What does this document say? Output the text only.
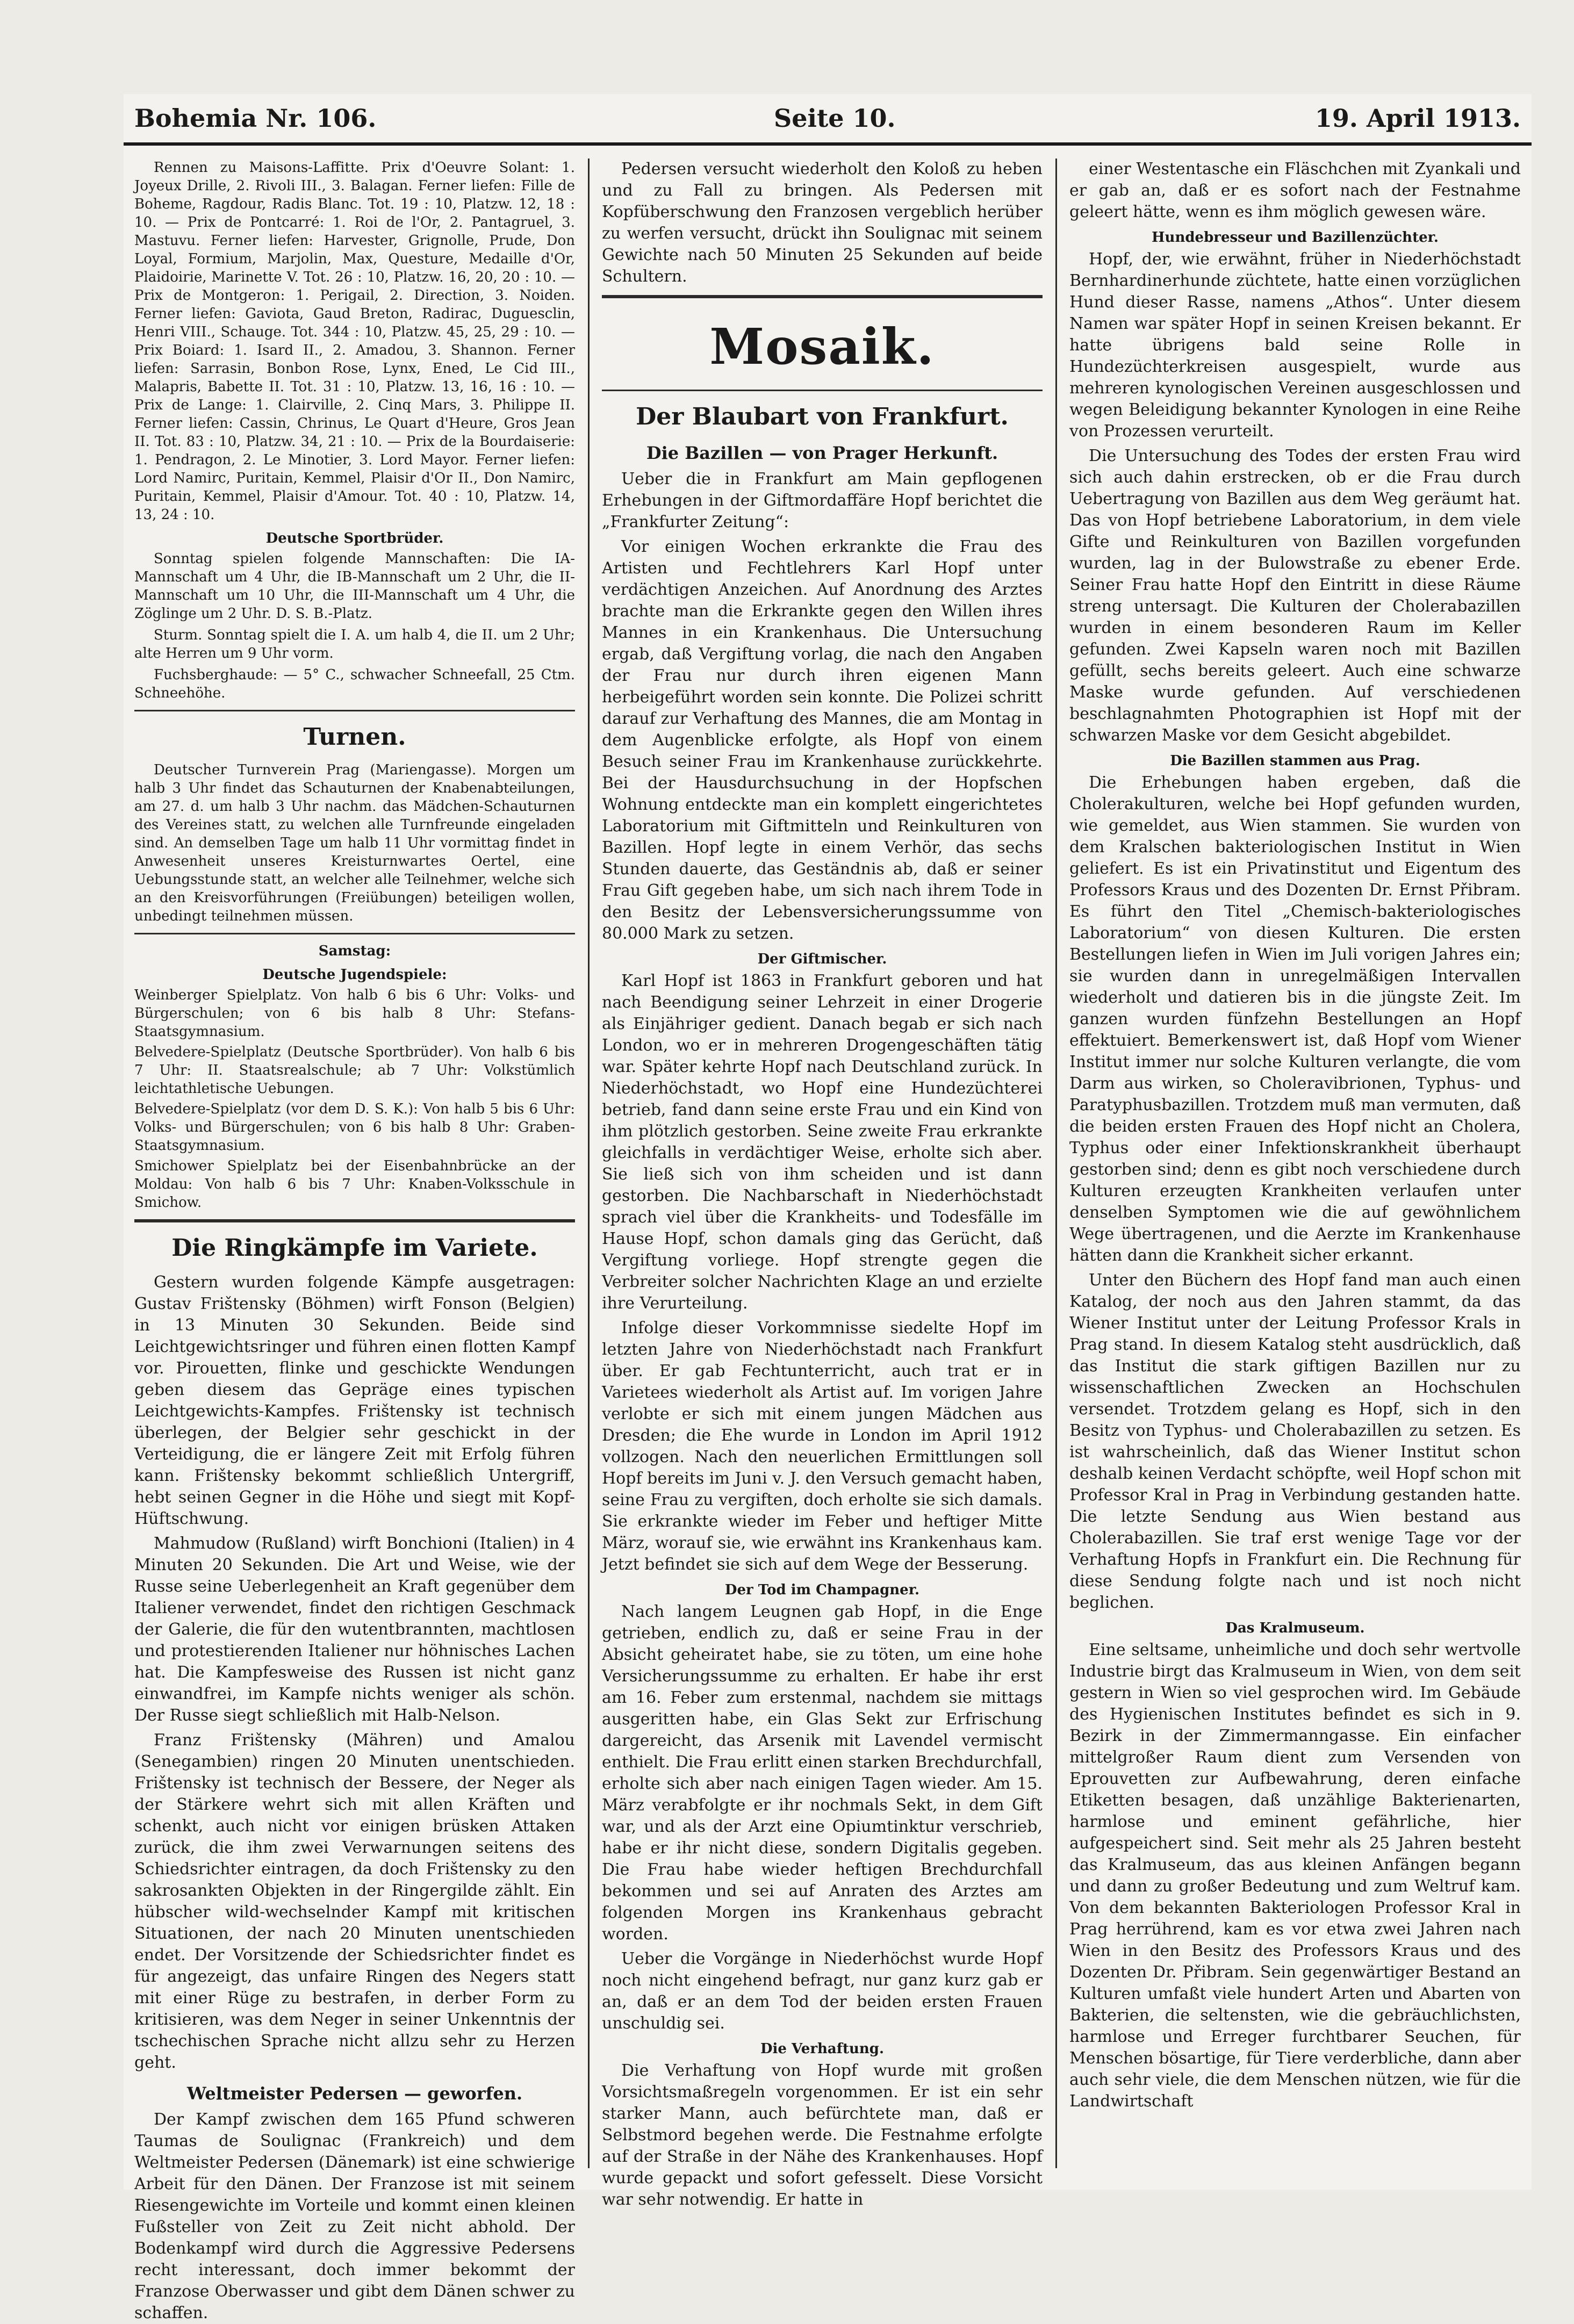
Bohemia Nr. 106.	Seite 10.	19. April 1913.

Rennen zu Maisons-Laffitte. Prix d'Oeuvre Solant: 1. Joyeux Drille, 2. Rivoli III., 3. Balagan. Ferner liefen: Fille de Boheme, Ragdour, Radis Blanc. Tot. 19 : 10, Platzw. 12, 18 : 10. — Prix de Pontcarré: 1. Roi de l'Or, 2. Pantagruel, 3. Mastuvu. Ferner liefen: Harvester, Grignolle, Prude, Don Loyal, Formium, Marjolin, Max, Questure, Medaille d'Or, Plaidoirie, Marinette V. Tot. 26 : 10, Platzw. 16, 20, 20 : 10. — Prix de Montgeron: 1. Perigail, 2. Direction, 3. Noiden. Ferner liefen: Gaviota, Gaud Breton, Radirac, Duguesclin, Henri VIII., Schauge. Tot. 344 : 10, Platzw. 45, 25, 29 : 10. — Prix Boiard: 1. Isard II., 2. Amadou, 3. Shannon. Ferner liefen: Sarrasin, Bonbon Rose, Lynx, Ened, Le Cid III., Malapris, Babette II. Tot. 31 : 10, Platzw. 13, 16, 16 : 10. — Prix de Lange: 1. Clairville, 2. Cinq Mars, 3. Philippe II. Ferner liefen: Cassin, Chrinus, Le Quart d'Heure, Gros Jean II. Tot. 83 : 10, Platzw. 34, 21 : 10. — Prix de la Bourdaiserie: 1. Pendragon, 2. Le Minotier, 3. Lord Mayor. Ferner liefen: Lord Namirc, Puritain, Kemmel, Plaisir d'Or II., Don Namirc, Puritain, Kemmel, Plaisir d'Amour. Tot. 40 : 10, Platzw. 14, 13, 24 : 10.

Deutsche Sportbrüder.

Sonntag spielen folgende Mannschaften: Die IA-Mannschaft um 4 Uhr, die IB-Mannschaft um 2 Uhr, die II-Mannschaft um 10 Uhr, die III-Mannschaft um 4 Uhr, die Zöglinge um 2 Uhr. D. S. B.-Platz.

Sturm. Sonntag spielt die I. A. um halb 4, die II. um 2 Uhr; alte Herren um 9 Uhr vorm.

Fuchsberghaude: — 5° C., schwacher Schneefall, 25 Ctm. Schneehöhe.

Turnen.

Deutscher Turnverein Prag (Mariengasse). Morgen um halb 3 Uhr findet das Schauturnen der Knabenabteilungen, am 27. d. um halb 3 Uhr nachm. das Mädchen-Schauturnen des Vereines statt, zu welchen alle Turnfreunde eingeladen sind. An demselben Tage um halb 11 Uhr vormittag findet in Anwesenheit unseres Kreisturnwartes Oertel, eine Uebungsstunde statt, an welcher alle Teilnehmer, welche sich an den Kreisvorführungen (Freiübungen) beteiligen wollen, unbedingt teilnehmen müssen.

Samstag:
Deutsche Jugendspiele:

Weinberger Spielplatz. Von halb 6 bis 6 Uhr: Volks- und Bürgerschulen; von 6 bis halb 8 Uhr: Stefans-Staatsgymnasium.

Belvedere-Spielplatz (Deutsche Sportbrüder). Von halb 6 bis 7 Uhr: II. Staatsrealschule; ab 7 Uhr: Volkstümlich leichtathletische Uebungen.

Belvedere-Spielplatz (vor dem D. S. K.): Von halb 5 bis 6 Uhr: Volks- und Bürgerschulen; von 6 bis halb 8 Uhr: Graben-Staatsgymnasium.

Smichower Spielplatz bei der Eisenbahnbrücke an der Moldau: Von halb 6 bis 7 Uhr: Knaben-Volksschule in Smichow.

Die Ringkämpfe im Variete.

Gestern wurden folgende Kämpfe ausgetragen: Gustav Frištensky (Böhmen) wirft Fonson (Belgien) in 13 Minuten 30 Sekunden. Beide sind Leichtgewichtsringer und führen einen flotten Kampf vor. Pirouetten, flinke und geschickte Wendungen geben diesem das Gepräge eines typischen Leichtgewichts-Kampfes. Frištensky ist technisch überlegen, der Belgier sehr geschickt in der Verteidigung, die er längere Zeit mit Erfolg führen kann. Frištensky bekommt schließlich Untergriff, hebt seinen Gegner in die Höhe und siegt mit Kopf-Hüftschwung.

Mahmudow (Rußland) wirft Bonchioni (Italien) in 4 Minuten 20 Sekunden. Die Art und Weise, wie der Russe seine Ueberlegenheit an Kraft gegenüber dem Italiener verwendet, findet den richtigen Geschmack der Galerie, die für den wutentbrannten, machtlosen und protestierenden Italiener nur höhnisches Lachen hat. Die Kampfesweise des Russen ist nicht ganz einwandfrei, im Kampfe nichts weniger als schön. Der Russe siegt schließlich mit Halb-Nelson.

Franz Frištensky (Mähren) und Amalou (Senegambien) ringen 20 Minuten unentschieden. Frištensky ist technisch der Bessere, der Neger als der Stärkere wehrt sich mit allen Kräften und schenkt, auch nicht vor einigen brüsken Attaken zurück, die ihm zwei Verwarnungen seitens des Schiedsrichter eintragen, da doch Frištensky zu den sakrosankten Objekten in der Ringergilde zählt. Ein hübscher wild-wechselnder Kampf mit kritischen Situationen, der nach 20 Minuten unentschieden endet. Der Vorsitzende der Schiedsrichter findet es für angezeigt, das unfaire Ringen des Negers statt mit einer Rüge zu bestrafen, in derber Form zu kritisieren, was dem Neger in seiner Unkenntnis der tschechischen Sprache nicht allzu sehr zu Herzen geht.

Weltmeister Pedersen — geworfen.

Der Kampf zwischen dem 165 Pfund schweren Taumas de Soulignac (Frankreich) und dem Weltmeister Pedersen (Dänemark) ist eine schwierige Arbeit für den Dänen. Der Franzose ist mit seinem Riesengewichte im Vorteile und kommt einen kleinen Fußsteller von Zeit zu Zeit nicht abhold. Der Bodenkampf wird durch die Aggressive Pedersens recht interessant, doch immer bekommt der Franzose Oberwasser und gibt dem Dänen schwer zu schaffen.

Pedersen versucht wiederholt den Koloß zu heben und zu Fall zu bringen. Als Pedersen mit Kopfüberschwung den Franzosen vergeblich herüber zu werfen versucht, drückt ihn Soulignac mit seinem Gewichte nach 50 Minuten 25 Sekunden auf beide Schultern.

Mosaik.
Der Blaubart von Frankfurt.
Die Bazillen — von Prager Herkunft.

Ueber die in Frankfurt am Main gepflogenen Erhebungen in der Giftmordaffäre Hopf berichtet die „Frankfurter Zeitung“:

Vor einigen Wochen erkrankte die Frau des Artisten und Fechtlehrers Karl Hopf unter verdächtigen Anzeichen. Auf Anordnung des Arztes brachte man die Erkrankte gegen den Willen ihres Mannes in ein Krankenhaus. Die Untersuchung ergab, daß Vergiftung vorlag, die nach den Angaben der Frau nur durch ihren eigenen Mann herbeigeführt worden sein konnte. Die Polizei schritt darauf zur Verhaftung des Mannes, die am Montag in dem Augenblicke erfolgte, als Hopf von einem Besuch seiner Frau im Krankenhause zurückkehrte. Bei der Hausdurchsuchung in der Hopfschen Wohnung entdeckte man ein komplett eingerichtetes Laboratorium mit Giftmitteln und Reinkulturen von Bazillen. Hopf legte in einem Verhör, das sechs Stunden dauerte, das Geständnis ab, daß er seiner Frau Gift gegeben habe, um sich nach ihrem Tode in den Besitz der Lebensversicherungssumme von 80.000 Mark zu setzen.

Der Giftmischer.

Karl Hopf ist 1863 in Frankfurt geboren und hat nach Beendigung seiner Lehrzeit in einer Drogerie als Einjähriger gedient. Danach begab er sich nach London, wo er in mehreren Drogengeschäften tätig war. Später kehrte Hopf nach Deutschland zurück. In Niederhöchstadt, wo Hopf eine Hundezüchterei betrieb, fand dann seine erste Frau und ein Kind von ihm plötzlich gestorben. Seine zweite Frau erkrankte gleichfalls in verdächtiger Weise, erholte sich aber. Sie ließ sich von ihm scheiden und ist dann gestorben. Die Nachbarschaft in Niederhöchstadt sprach viel über die Krankheits- und Todesfälle im Hause Hopf, schon damals ging das Gerücht, daß Vergiftung vorliege. Hopf strengte gegen die Verbreiter solcher Nachrichten Klage an und erzielte ihre Verurteilung.

Infolge dieser Vorkommnisse siedelte Hopf im letzten Jahre von Niederhöchstadt nach Frankfurt über. Er gab Fechtunterricht, auch trat er in Varietees wiederholt als Artist auf. Im vorigen Jahre verlobte er sich mit einem jungen Mädchen aus Dresden; die Ehe wurde in London im April 1912 vollzogen. Nach den neuerlichen Ermittlungen soll Hopf bereits im Juni v. J. den Versuch gemacht haben, seine Frau zu vergiften, doch erholte sie sich damals. Sie erkrankte wieder im Feber und heftiger Mitte März, worauf sie, wie erwähnt ins Krankenhaus kam. Jetzt befindet sie sich auf dem Wege der Besserung.

Der Tod im Champagner.

Nach langem Leugnen gab Hopf, in die Enge getrieben, endlich zu, daß er seine Frau in der Absicht geheiratet habe, sie zu töten, um eine hohe Versicherungssumme zu erhalten. Er habe ihr erst am 16. Feber zum erstenmal, nachdem sie mittags ausgeritten habe, ein Glas Sekt zur Erfrischung dargereicht, das Arsenik mit Lavendel vermischt enthielt. Die Frau erlitt einen starken Brechdurchfall, erholte sich aber nach einigen Tagen wieder. Am 15. März verabfolgte er ihr nochmals Sekt, in dem Gift war, und als der Arzt eine Opiumtinktur verschrieb, habe er ihr nicht diese, sondern Digitalis gegeben. Die Frau habe wieder heftigen Brechdurchfall bekommen und sei auf Anraten des Arztes am folgenden Morgen ins Krankenhaus gebracht worden.

Ueber die Vorgänge in Niederhöchst wurde Hopf noch nicht eingehend befragt, nur ganz kurz gab er an, daß er an dem Tod der beiden ersten Frauen unschuldig sei.

Die Verhaftung.

Die Verhaftung von Hopf wurde mit großen Vorsichtsmaßregeln vorgenommen. Er ist ein sehr starker Mann, auch befürchtete man, daß er Selbstmord begehen werde. Die Festnahme erfolgte auf der Straße in der Nähe des Krankenhauses. Hopf wurde gepackt und sofort gefesselt. Diese Vorsicht war sehr notwendig. Er hatte in

einer Westentasche ein Fläschchen mit Zyankali und er gab an, daß er es sofort nach der Festnahme geleert hätte, wenn es ihm möglich gewesen wäre.

Hundebresseur und Bazillenzüchter.

Hopf, der, wie erwähnt, früher in Niederhöchstadt Bernhardinerhunde züchtete, hatte einen vorzüglichen Hund dieser Rasse, namens „Athos“. Unter diesem Namen war später Hopf in seinen Kreisen bekannt. Er hatte übrigens bald seine Rolle in Hundezüchterkreisen ausgespielt, wurde aus mehreren kynologischen Vereinen ausgeschlossen und wegen Beleidigung bekannter Kynologen in eine Reihe von Prozessen verurteilt.

Die Untersuchung des Todes der ersten Frau wird sich auch dahin erstrecken, ob er die Frau durch Uebertragung von Bazillen aus dem Weg geräumt hat. Das von Hopf betriebene Laboratorium, in dem viele Gifte und Reinkulturen von Bazillen vorgefunden wurden, lag in der Bulowstraße zu ebener Erde. Seiner Frau hatte Hopf den Eintritt in diese Räume streng untersagt. Die Kulturen der Cholerabazillen wurden in einem besonderen Raum im Keller gefunden. Zwei Kapseln waren noch mit Bazillen gefüllt, sechs bereits geleert. Auch eine schwarze Maske wurde gefunden. Auf verschiedenen beschlagnahmten Photographien ist Hopf mit der schwarzen Maske vor dem Gesicht abgebildet.

Die Bazillen stammen aus Prag.

Die Erhebungen haben ergeben, daß die Cholerakulturen, welche bei Hopf gefunden wurden, wie gemeldet, aus Wien stammen. Sie wurden von dem Kralschen bakteriologischen Institut in Wien geliefert. Es ist ein Privatinstitut und Eigentum des Professors Kraus und des Dozenten Dr. Ernst Přibram. Es führt den Titel „Chemisch-bakteriologisches Laboratorium“ von diesen Kulturen. Die ersten Bestellungen liefen in Wien im Juli vorigen Jahres ein; sie wurden dann in unregelmäßigen Intervallen wiederholt und datieren bis in die jüngste Zeit. Im ganzen wurden fünfzehn Bestellungen an Hopf effektuiert. Bemerkenswert ist, daß Hopf vom Wiener Institut immer nur solche Kulturen verlangte, die vom Darm aus wirken, so Choleravibrionen, Typhus- und Paratyphusbazillen. Trotzdem muß man vermuten, daß die beiden ersten Frauen des Hopf nicht an Cholera, Typhus oder einer Infektionskrankheit überhaupt gestorben sind; denn es gibt noch verschiedene durch Kulturen erzeugten Krankheiten verlaufen unter denselben Symptomen wie die auf gewöhnlichem Wege übertragenen, und die Aerzte im Krankenhause hätten dann die Krankheit sicher erkannt.

Unter den Büchern des Hopf fand man auch einen Katalog, der noch aus den Jahren stammt, da das Wiener Institut unter der Leitung Professor Krals in Prag stand. In diesem Katalog steht ausdrücklich, daß das Institut die stark giftigen Bazillen nur zu wissenschaftlichen Zwecken an Hochschulen versendet. Trotzdem gelang es Hopf, sich in den Besitz von Typhus- und Cholerabazillen zu setzen. Es ist wahrscheinlich, daß das Wiener Institut schon deshalb keinen Verdacht schöpfte, weil Hopf schon mit Professor Kral in Prag in Verbindung gestanden hatte. Die letzte Sendung aus Wien bestand aus Cholerabazillen. Sie traf erst wenige Tage vor der Verhaftung Hopfs in Frankfurt ein. Die Rechnung für diese Sendung folgte nach und ist noch nicht beglichen.

Das Kralmuseum.

Eine seltsame, unheimliche und doch sehr wertvolle Industrie birgt das Kralmuseum in Wien, von dem seit gestern in Wien so viel gesprochen wird. Im Gebäude des Hygienischen Institutes befindet es sich in 9. Bezirk in der Zimmermanngasse. Ein einfacher mittelgroßer Raum dient zum Versenden von Eprouvetten zur Aufbewahrung, deren einfache Etiketten besagen, daß unzählige Bakterienarten, harmlose und eminent gefährliche, hier aufgespeichert sind. Seit mehr als 25 Jahren besteht das Kralmuseum, das aus kleinen Anfängen begann und dann zu großer Bedeutung und zum Weltruf kam. Von dem bekannten Bakteriologen Professor Kral in Prag herrührend, kam es vor etwa zwei Jahren nach Wien in den Besitz des Professors Kraus und des Dozenten Dr. Přibram. Sein gegenwärtiger Bestand an Kulturen umfaßt viele hundert Arten und Abarten von Bakterien, die seltensten, wie die gebräuchlichsten, harmlose und Erreger furchtbarer Seuchen, für Menschen bösartige, für Tiere verderbliche, dann aber auch sehr viele, die dem Menschen nützen, wie für die Landwirtschaft
